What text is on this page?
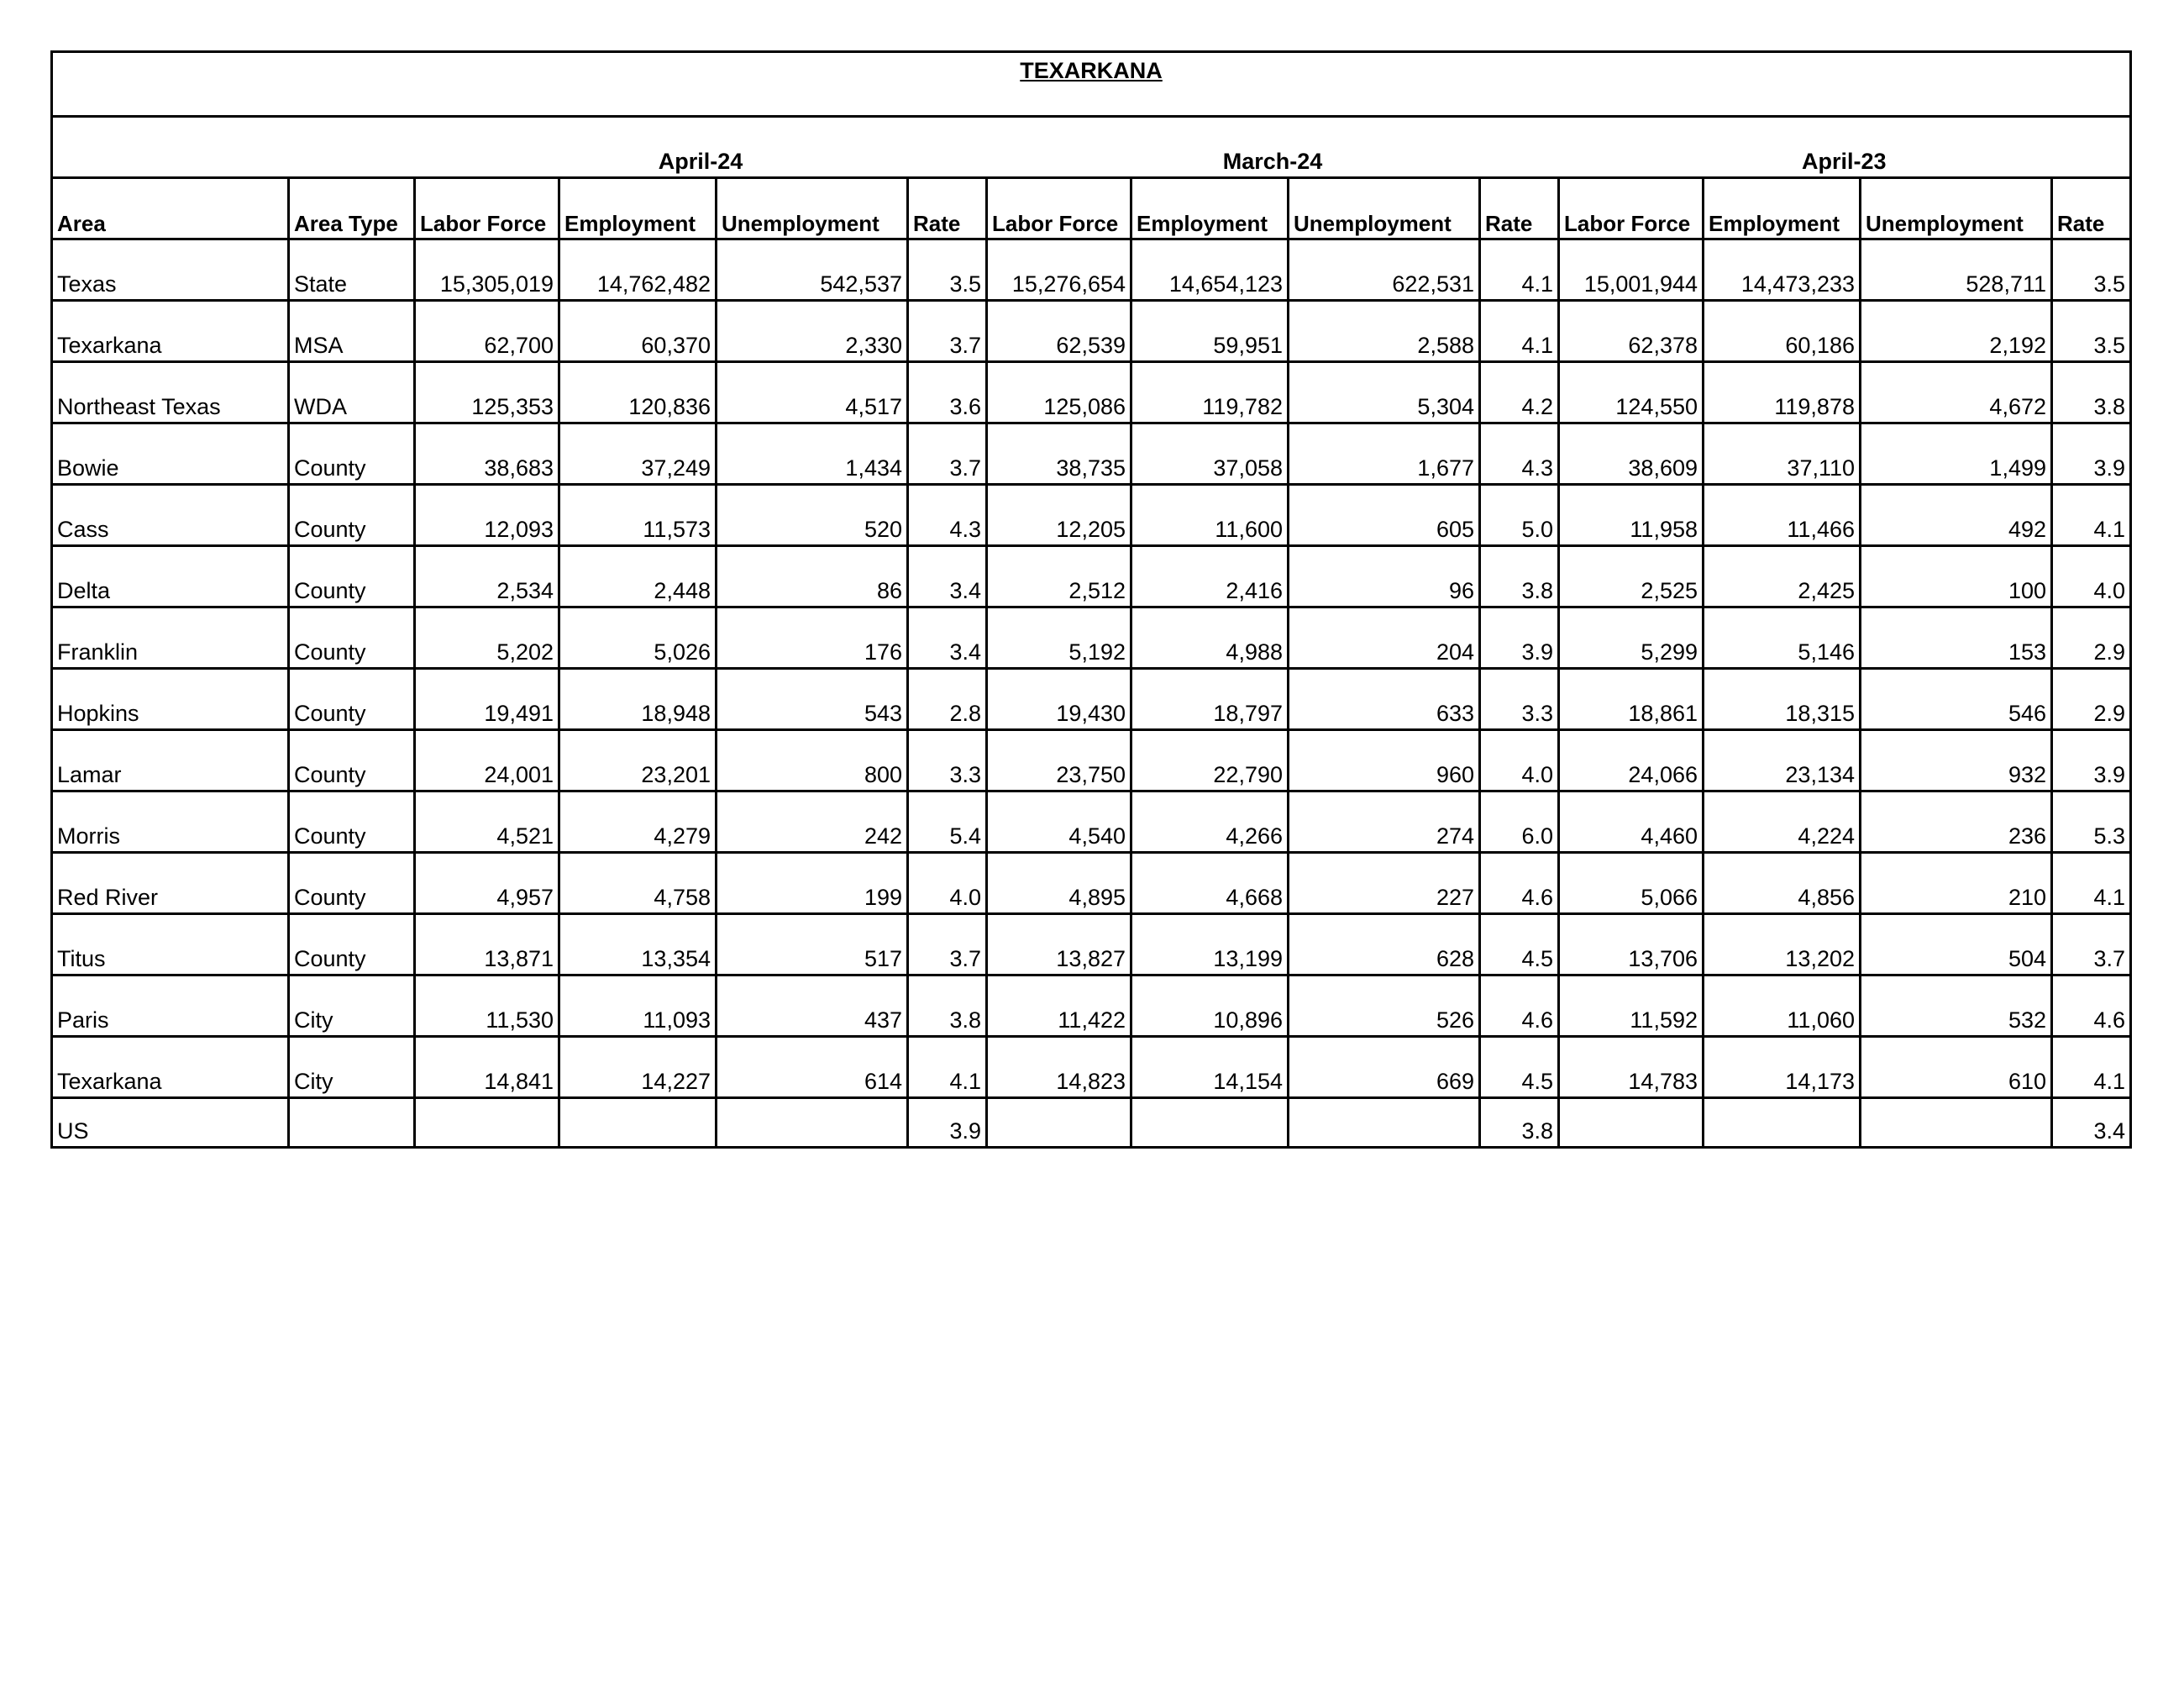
TEXARKANA													
		April-24				March-24				April-23			
Area	Area Type	Labor Force	Employment	Unemployment	Rate	Labor Force	Employment	Unemployment	Rate	Labor Force	Employment	Unemployment	Rate
Texas	State	15,305,019	14,762,482	542,537	3.5	15,276,654	14,654,123	622,531	4.1	15,001,944	14,473,233	528,711	3.5
Texarkana	MSA	62,700	60,370	2,330	3.7	62,539	59,951	2,588	4.1	62,378	60,186	2,192	3.5
Northeast Texas	WDA	125,353	120,836	4,517	3.6	125,086	119,782	5,304	4.2	124,550	119,878	4,672	3.8
Bowie	County	38,683	37,249	1,434	3.7	38,735	37,058	1,677	4.3	38,609	37,110	1,499	3.9
Cass	County	12,093	11,573	520	4.3	12,205	11,600	605	5.0	11,958	11,466	492	4.1
Delta	County	2,534	2,448	86	3.4	2,512	2,416	96	3.8	2,525	2,425	100	4.0
Franklin	County	5,202	5,026	176	3.4	5,192	4,988	204	3.9	5,299	5,146	153	2.9
Hopkins	County	19,491	18,948	543	2.8	19,430	18,797	633	3.3	18,861	18,315	546	2.9
Lamar	County	24,001	23,201	800	3.3	23,750	22,790	960	4.0	24,066	23,134	932	3.9
Morris	County	4,521	4,279	242	5.4	4,540	4,266	274	6.0	4,460	4,224	236	5.3
Red River	County	4,957	4,758	199	4.0	4,895	4,668	227	4.6	5,066	4,856	210	4.1
Titus	County	13,871	13,354	517	3.7	13,827	13,199	628	4.5	13,706	13,202	504	3.7
Paris	City	11,530	11,093	437	3.8	11,422	10,896	526	4.6	11,592	11,060	532	4.6
Texarkana	City	14,841	14,227	614	4.1	14,823	14,154	669	4.5	14,783	14,173	610	4.1
US					3.9				3.8				3.4
